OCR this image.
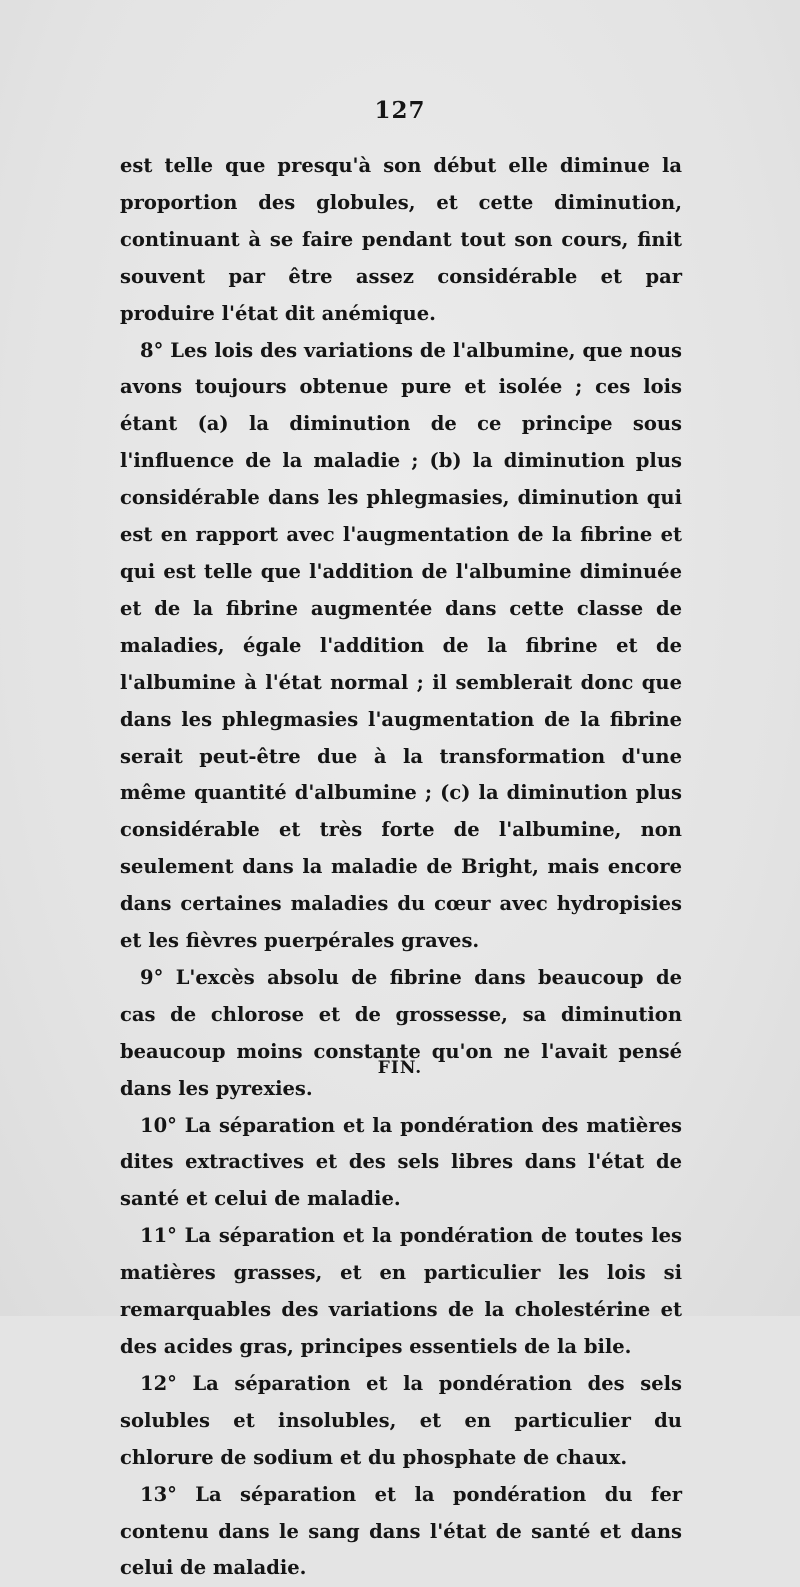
127

est telle que presqu'à son début elle diminue la proportion des globules, et cette diminution, continuant à se faire pendant tout son cours, finit souvent par être assez considérable et par produire l'état dit anémique.

8° Les lois des variations de l'albumine, que nous avons toujours obtenue pure et isolée ; ces lois étant (a) la diminution de ce principe sous l'influence de la maladie ; (b) la diminution plus considérable dans les phlegmasies, diminution qui est en rapport avec l'augmentation de la fibrine et qui est telle que l'addition de l'albumine diminuée et de la fibrine augmentée dans cette classe de maladies, égale l'addition de la fibrine et de l'albumine à l'état normal ; il semblerait donc que dans les phlegmasies l'augmentation de la fibrine serait peut-être due à la transformation d'une même quantité d'albumine ; (c) la diminution plus considérable et très forte de l'albumine, non seulement dans la maladie de Bright, mais encore dans certaines maladies du cœur avec hydropisies et les fièvres puerpérales graves.

9° L'excès absolu de fibrine dans beaucoup de cas de chlorose et de grossesse, sa diminution beaucoup moins constante qu'on ne l'avait pensé dans les pyrexies.

10° La séparation et la pondération des matières dites extractives et des sels libres dans l'état de santé et celui de maladie.

11° La séparation et la pondération de toutes les matières grasses, et en particulier les lois si remarquables des variations de la cholestérine et des acides gras, principes essentiels de la bile.

12° La séparation et la pondération des sels solubles et insolubles, et en particulier du chlorure de sodium et du phosphate de chaux.

13° La séparation et la pondération du fer contenu dans le sang dans l'état de santé et dans celui de maladie.

FIN.
